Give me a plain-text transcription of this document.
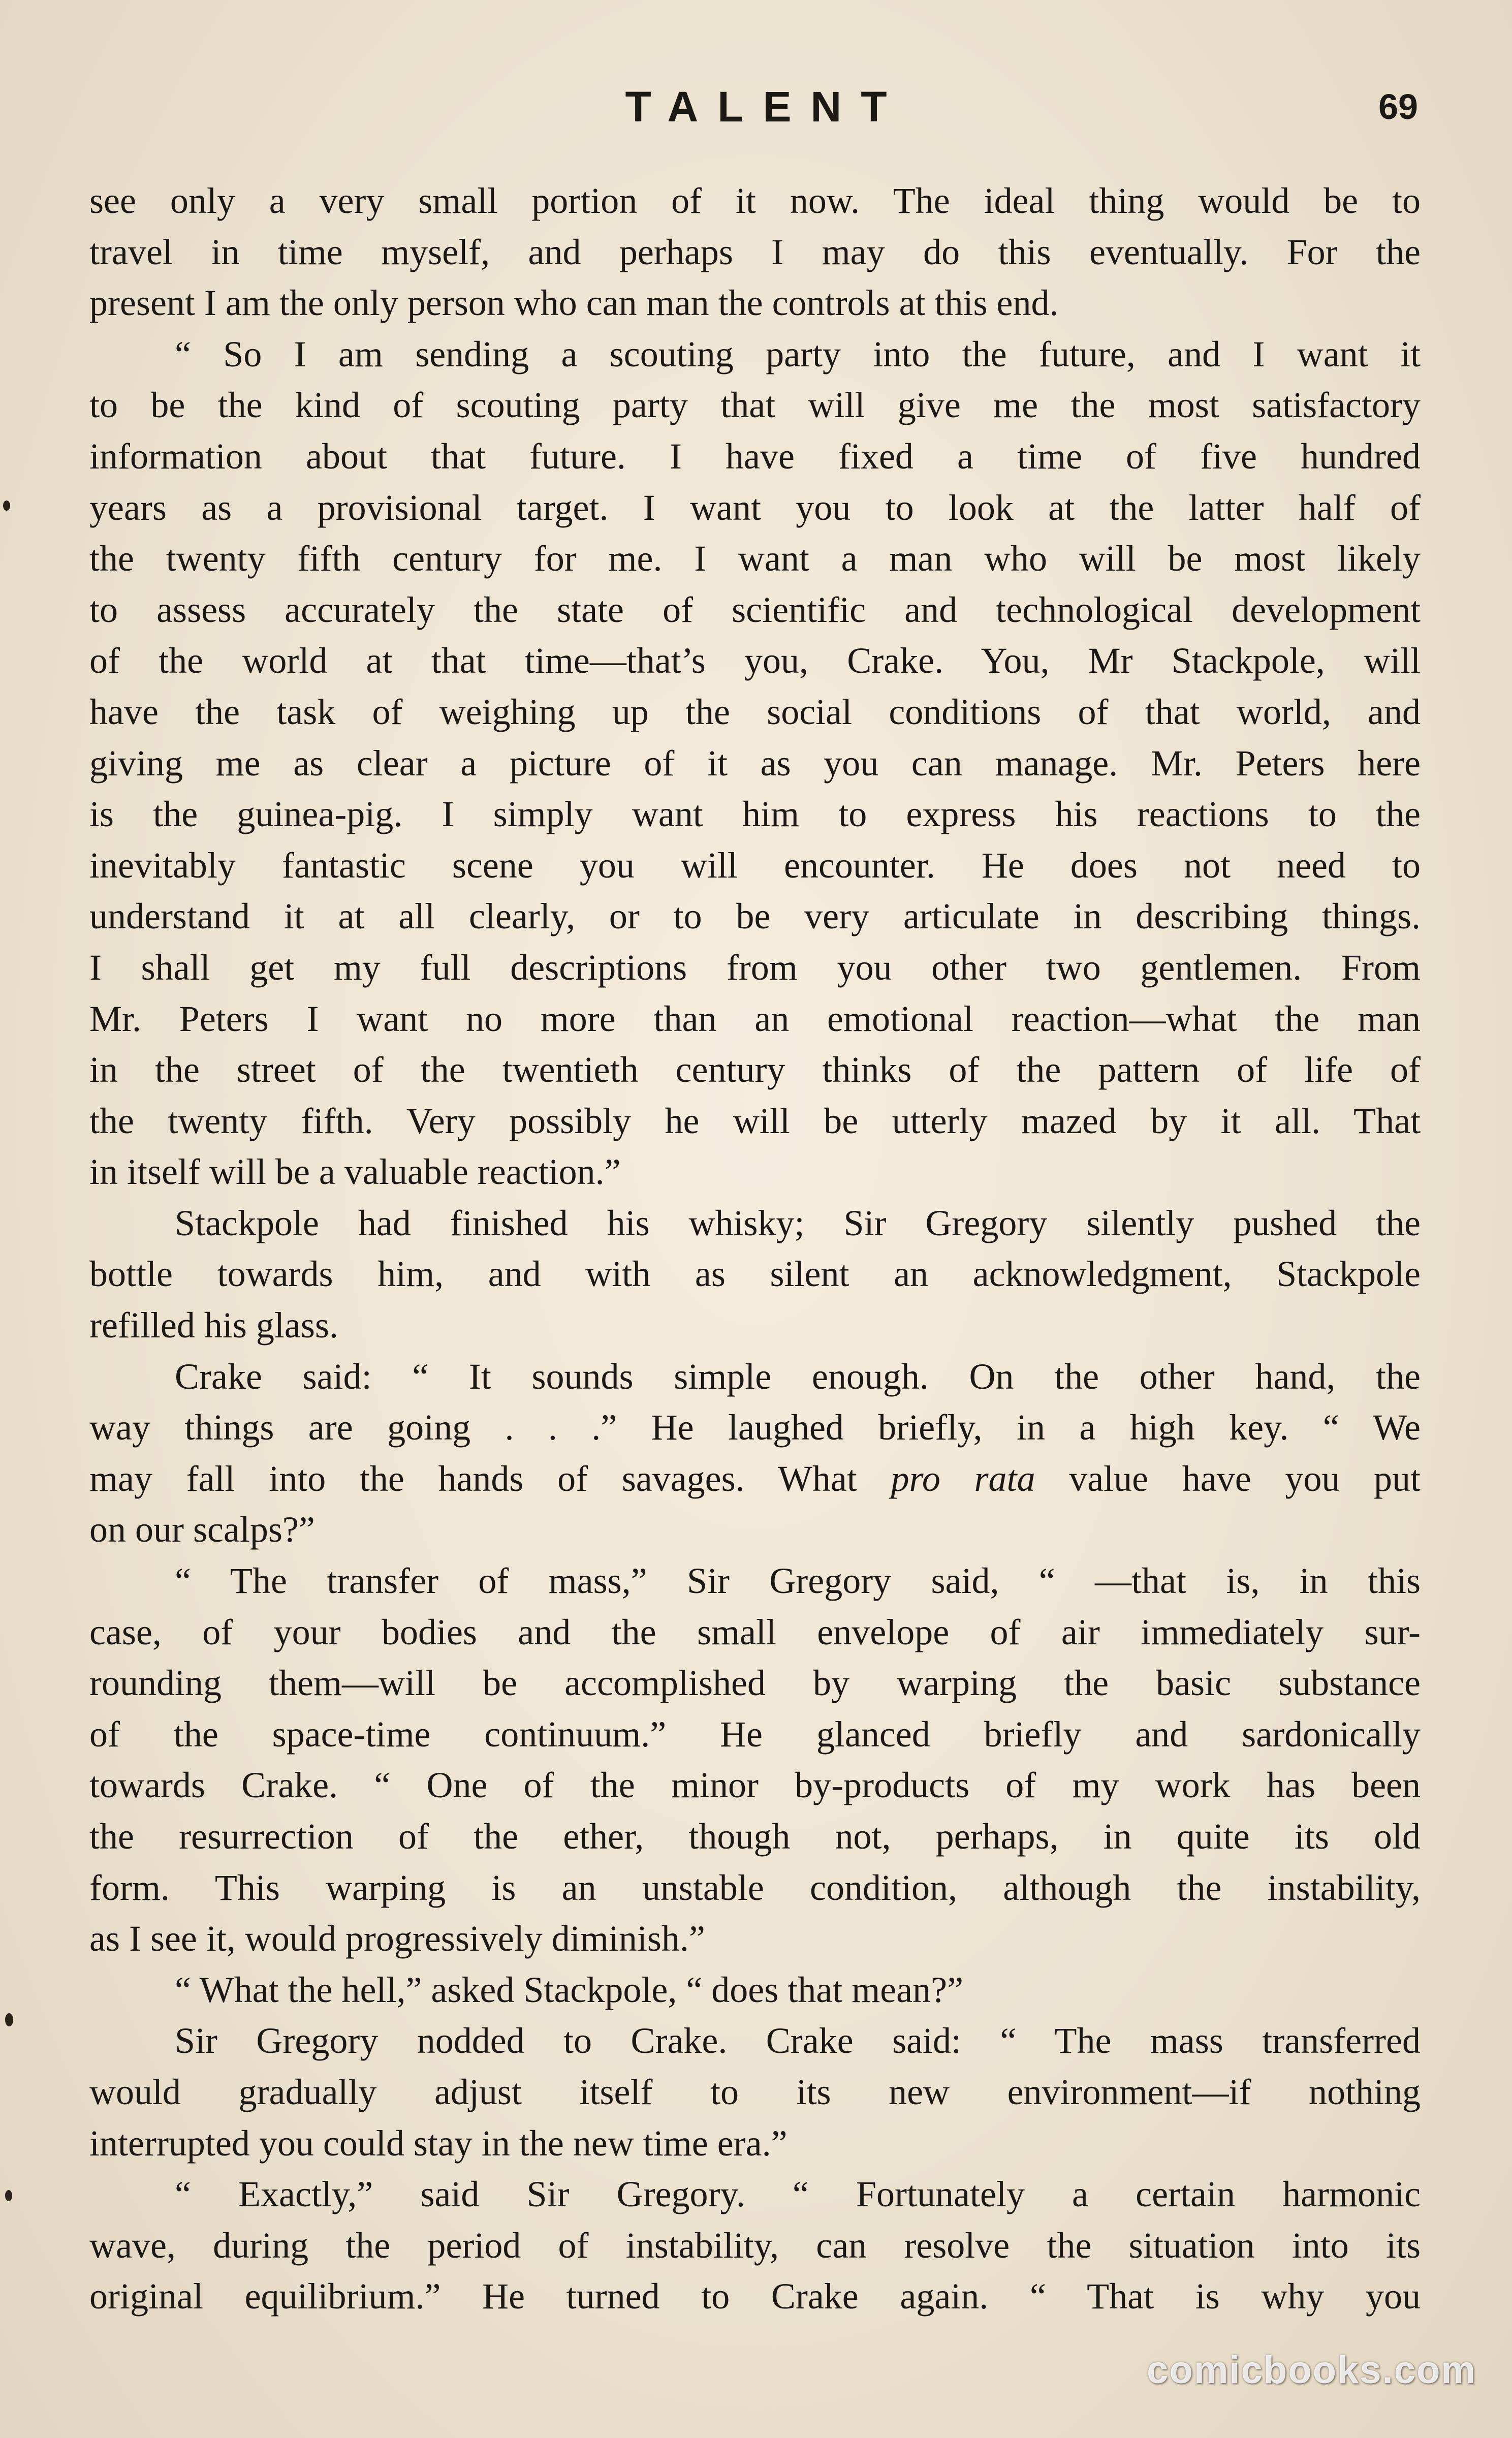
TALENT	69
see only a very small portion of it now. The ideal thing would be to
travel in time myself, and perhaps I may do this eventually. For the
present I am the only person who can man the controls at this end.
“ So I am sending a scouting party into the future, and I want it
to be the kind of scouting party that will give me the most satisfactory
information about that future. I have fixed a time of five hundred
years as a provisional target. I want you to look at the latter half of
the twenty fifth century for me. I want a man who will be most likely
to assess accurately the state of scientific and technological development
of the world at that time—that’s you, Crake. You, Mr Stackpole, will
have the task of weighing up the social conditions of that world, and
giving me as clear a picture of it as you can manage. Mr. Peters here
is the guinea-pig. I simply want him to express his reactions to the
inevitably fantastic scene you will encounter. He does not need to
understand it at all clearly, or to be very articulate in describing things.
I shall get my full descriptions from you other two gentlemen. From
Mr. Peters I want no more than an emotional reaction—what the man
in the street of the twentieth century thinks of the pattern of life of
the twenty fifth. Very possibly he will be utterly mazed by it all. That
in itself will be a valuable reaction.”
Stackpole had finished his whisky; Sir Gregory silently pushed the
bottle towards him, and with as silent an acknowledgment, Stackpole
refilled his glass.
Crake said: “ It sounds simple enough. On the other hand, the
way things are going . . .” He laughed briefly, in a high key. “ We
may fall into the hands of savages. What pro rata value have you put
on our scalps?”
“ The transfer of mass,” Sir Gregory said, “ —that is, in this
case, of your bodies and the small envelope of air immediately sur-
rounding them—will be accomplished by warping the basic substance
of the space-time continuum.” He glanced briefly and sardonically
towards Crake. “ One of the minor by-products of my work has been
the resurrection of the ether, though not, perhaps, in quite its old
form. This warping is an unstable condition, although the instability,
as I see it, would progressively diminish.”
“ What the hell,” asked Stackpole, “ does that mean?”
Sir Gregory nodded to Crake. Crake said: “ The mass transferred
would gradually adjust itself to its new environment—if nothing
interrupted you could stay in the new time era.”
“ Exactly,” said Sir Gregory. “ Fortunately a certain harmonic
wave, during the period of instability, can resolve the situation into its
original equilibrium.” He turned to Crake again. “ That is why you
comicbooks.com
